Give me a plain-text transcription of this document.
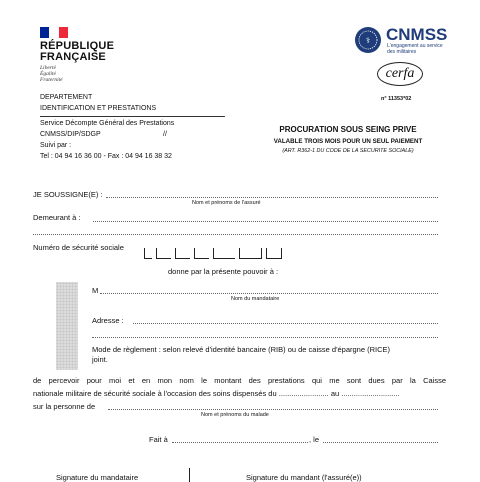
RÉPUBLIQUE
FRANÇAISE
Liberté
Égalité
Fraternité
DEPARTEMENT
IDENTIFICATION ET PRESTATIONS
Service Décompte Général des Prestations
CNMSS/DIP/SDGP	//
Suivi par :
Tel : 04 94 16 36 00 - Fax : 04 94 16 38 32
⚕ CNMSS
L'engagement au service
des militaires
cerfa
n° 11353*02
PROCURATION SOUS SEING PRIVE
VALABLE TROIS MOIS POUR UN SEUL PAIEMENT
(ART. R362-1 DU CODE DE LA SECURITE SOCIALE)
JE SOUSSIGNE(E) :
Nom et prénoms de l'assuré
Demeurant à :
Numéro de sécurité sociale
donne par la présente pouvoir à :
M
Nom du mandataire
Adresse :
Mode de règlement : selon relevé d'identité bancaire (RIB) ou de caisse d'épargne (RICE)
joint.
de percevoir pour moi et en mon nom le montant des prestations qui me sont dues par la Caisse
nationale militaire de sécurité sociale à l'occasion des soins dispensés du ........................ au ............................
sur la personne de
Nom et prénoms du malade
Fait à	, le
Signature du mandataire	Signature du mandant (l'assuré(e))
